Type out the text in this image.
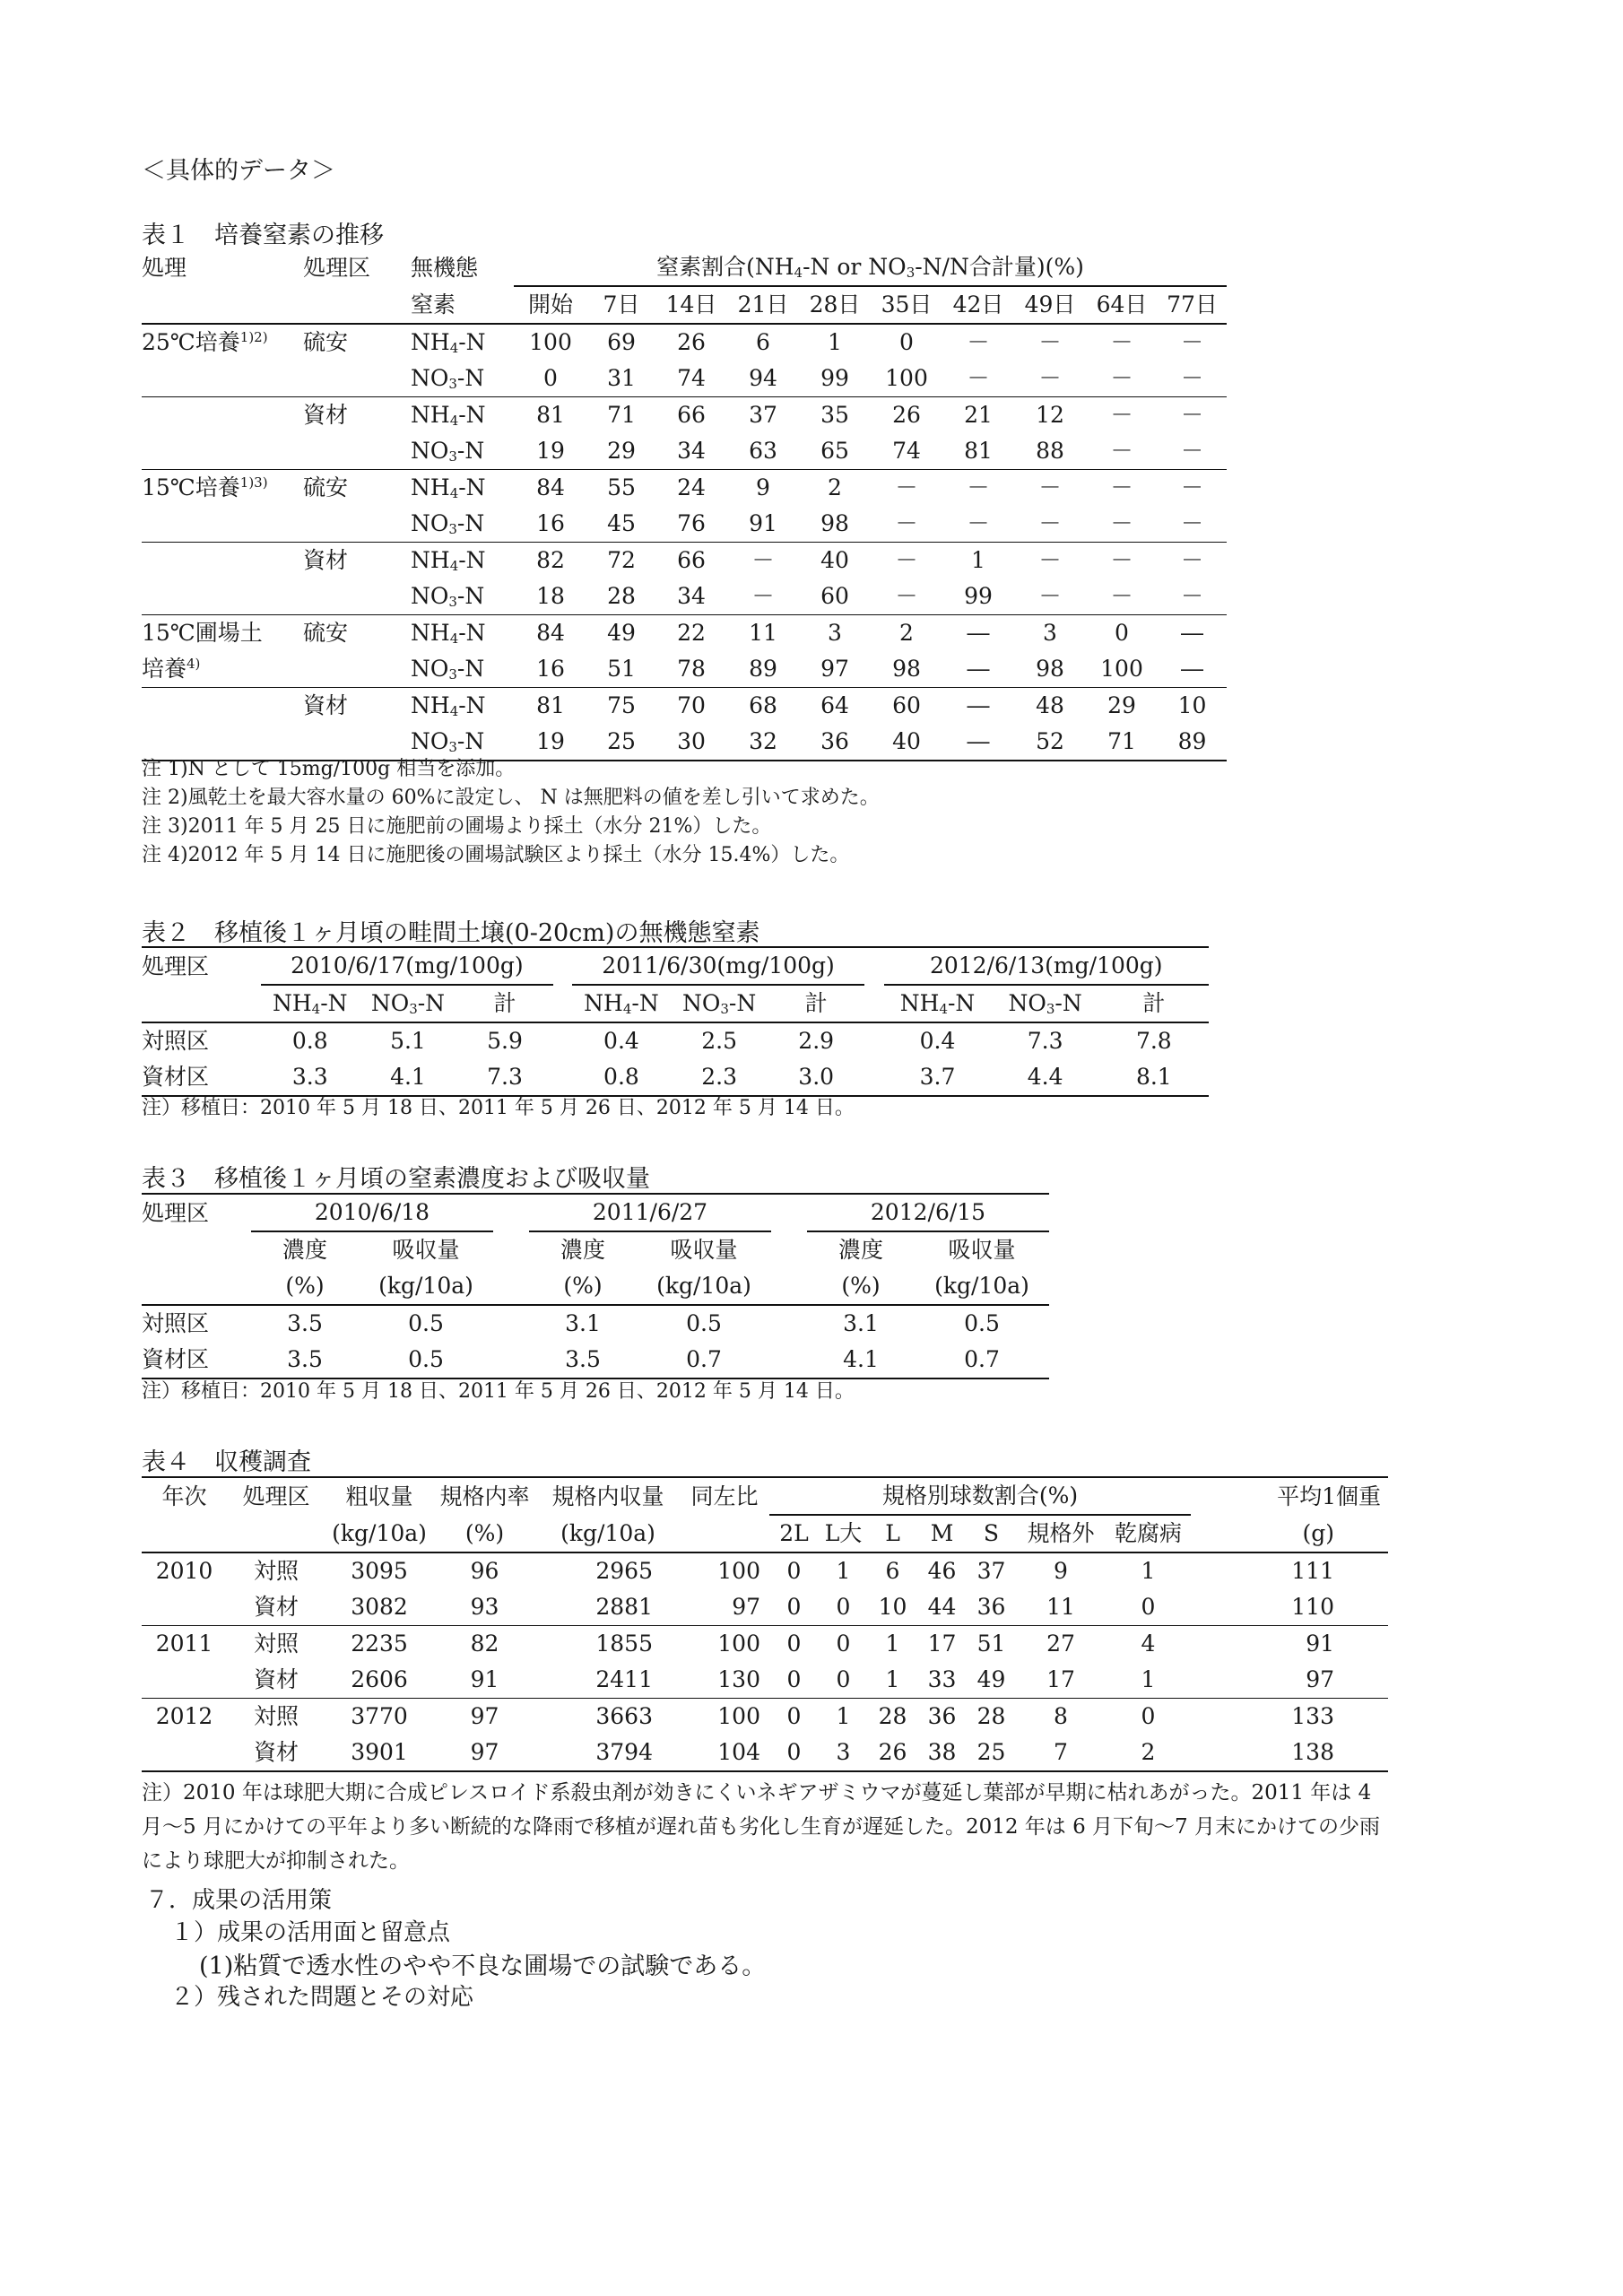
＜具体的データ＞
表１　培養窒素の推移
処理	処理区	無機態	窒素割合($NH_4-N$ or $NO_3-N/N$合計量)(%)									
		窒素	開始	7日	14日	21日	28日	35日	42日	49日	64日	77日
25℃培養$^{1)2)}$	硫安	$NH_4-N$	100	69	26	6	1	0	－	－	－	－
		$NO_3-N$	0	31	74	94	99	100	－	－	－	－
	資材	$NH_4-N$	81	71	66	37	35	26	21	12	－	－
		$NO_3-N$	19	29	34	63	65	74	81	88	－	－
15℃培養$^{1)3)}$	硫安	$NH_4-N$	84	55	24	9	2	－	－	－	－	－
		$NO_3-N$	16	45	76	91	98	－	－	－	－	－
	資材	$NH_4-N$	82	72	66	－	40	－	1	－	－	－
		$NO_3-N$	18	28	34	－	60	－	99	－	－	－
15℃圃場土	硫安	$NH_4-N$	84	49	22	11	3	2	―	3	0	―
培養$^{4)}$		$NO_3-N$	16	51	78	89	97	98	―	98	100	―
	資材	$NH_4-N$	81	75	70	68	64	60	―	48	29	10
		$NO_3-N$	19	25	30	32	36	40	―	52	71	89
注 1)N として 15mg/100g 相当を添加。
注 2)風乾土を最大容水量の 60%に設定し、 N は無肥料の値を差し引いて求めた。
注 3)2011 年 5 月 25 日に施肥前の圃場より採土（水分 21%）した。
注 4)2012 年 5 月 14 日に施肥後の圃場試験区より採土（水分 15.4%）した。
表２　移植後１ヶ月頃の畦間土壌(0-20cm)の無機態窒素
処理区	2010/6/17(mg/100g)				2011/6/30(mg/100g)				2012/6/13(mg/100g)		
	$NH_4-N$	$NO_3-N$	計		$NH_4-N$	$NO_3-N$	計		$NH_4-N$	$NO_3-N$	計
対照区	0.8	5.1	5.9		0.4	2.5	2.9		0.4	7.3	7.8
資材区	3.3	4.1	7.3		0.8	2.3	3.0		3.7	4.4	8.1
注）移植日：2010 年 5 月 18 日、2011 年 5 月 26 日、2012 年 5 月 14 日。
表３　移植後１ヶ月頃の窒素濃度および吸収量
処理区	2010/6/18			2011/6/27			2012/6/15	
	濃度	吸収量		濃度	吸収量		濃度	吸収量
	(%)	(kg/10a)		(%)	(kg/10a)		(%)	(kg/10a)
対照区	3.5	0.5		3.1	0.5		3.1	0.5
資材区	3.5	0.5		3.5	0.7		4.1	0.7
注）移植日：2010 年 5 月 18 日、2011 年 5 月 26 日、2012 年 5 月 14 日。
表４　収穫調査
年次	処理区	粗収量	規格内率	規格内収量	同左比	規格別球数割合(%)							平均1個重
		(kg/10a)	(%)	(kg/10a)		2L	L大	L	M	S	規格外	乾腐病	(g)
2010	対照	3095	96	2965	100	0	1	6	46	37	9	1	111
	資材	3082	93	2881	97	0	0	10	44	36	11	0	110
2011	対照	2235	82	1855	100	0	0	1	17	51	27	4	91
	資材	2606	91	2411	130	0	0	1	33	49	17	1	97
2012	対照	3770	97	3663	100	0	1	28	36	28	8	0	133
	資材	3901	97	3794	104	0	3	26	38	25	7	2	138
注）2010 年は球肥大期に合成ピレスロイド系殺虫剤が効きにくいネギアザミウマが蔓延し葉部が早期に枯れあがった。2011 年は 4 月～5 月にかけての平年より多い断続的な降雨で移植が遅れ苗も劣化し生育が遅延した。2012 年は 6 月下旬～7 月末にかけての少雨により球肥大が抑制された。
７．成果の活用策
１）成果の活用面と留意点
(1)粘質で透水性のやや不良な圃場での試験である。
２）残された問題とその対応
